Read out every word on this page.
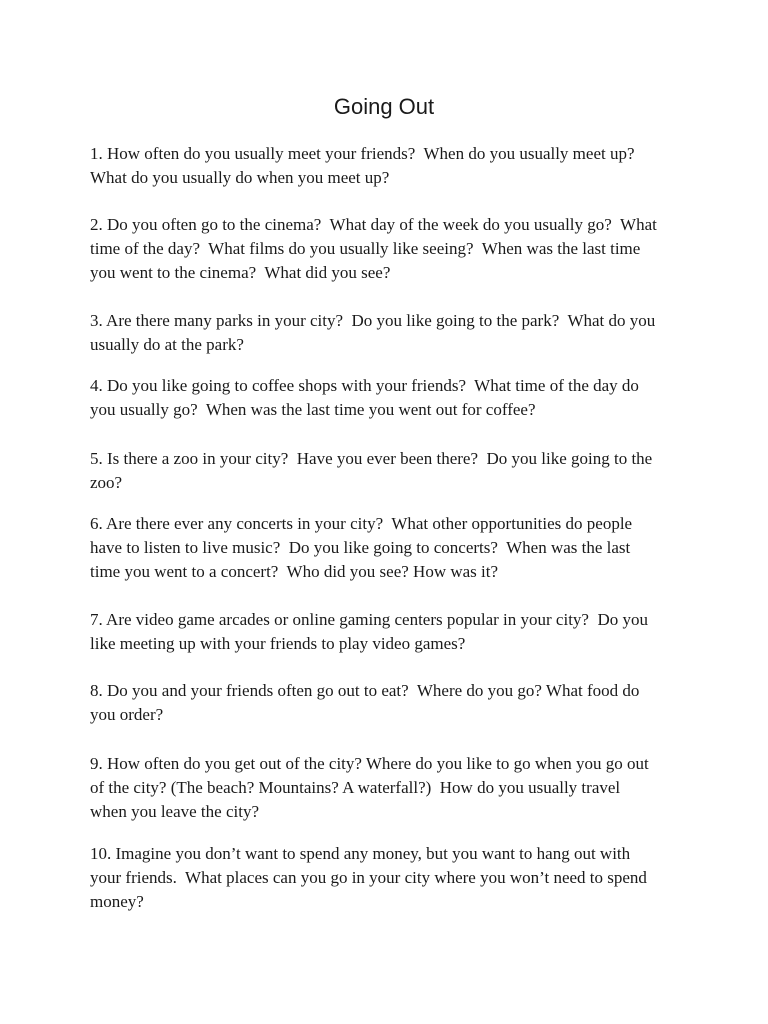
Going Out

1. How often do you usually meet your friends?  When do you usually meet up?
What do you usually do when you meet up?

2. Do you often go to the cinema?  What day of the week do you usually go?  What
time of the day?  What films do you usually like seeing?  When was the last time
you went to the cinema?  What did you see?

3. Are there many parks in your city?  Do you like going to the park?  What do you
usually do at the park?

4. Do you like going to coffee shops with your friends?  What time of the day do
you usually go?  When was the last time you went out for coffee?

5. Is there a zoo in your city?  Have you ever been there?  Do you like going to the
zoo?

6. Are there ever any concerts in your city?  What other opportunities do people
have to listen to live music?  Do you like going to concerts?  When was the last
time you went to a concert?  Who did you see? How was it?

7. Are video game arcades or online gaming centers popular in your city?  Do you
like meeting up with your friends to play video games?

8. Do you and your friends often go out to eat?  Where do you go? What food do
you order?

9. How often do you get out of the city? Where do you like to go when you go out
of the city? (The beach? Mountains? A waterfall?)  How do you usually travel
when you leave the city?

10. Imagine you don’t want to spend any money, but you want to hang out with
your friends.  What places can you go in your city where you won’t need to spend
money?
